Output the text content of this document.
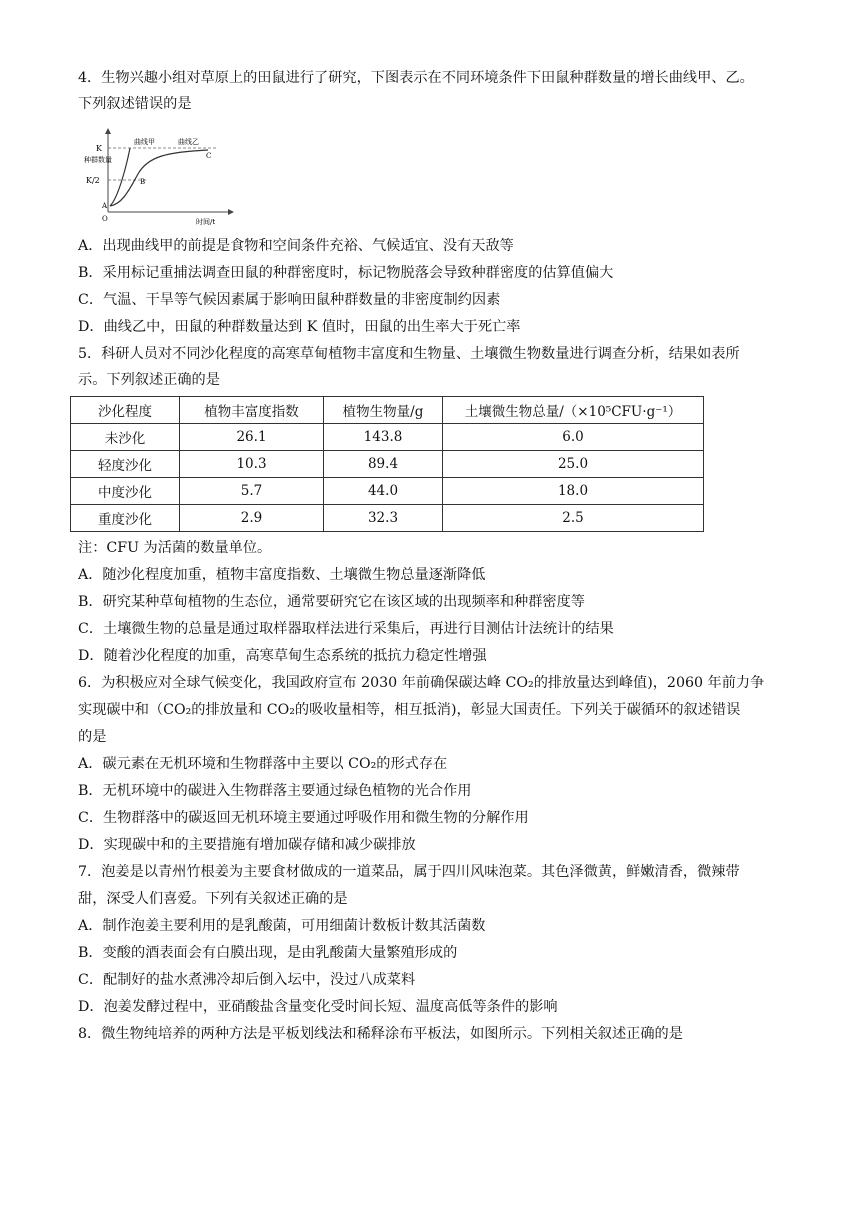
4．生物兴趣小组对草原上的田鼠进行了研究，下图表示在不同环境条件下田鼠种群数量的增长曲线甲、乙。
下列叙述错误的是
K
K/2
A
B
C
O
曲线甲	曲线乙
时间/t
种群数量
A．出现曲线甲的前提是食物和空间条件充裕、气候适宜、没有天敌等
B．采用标记重捕法调查田鼠的种群密度时，标记物脱落会导致种群密度的估算值偏大
C．气温、干旱等气候因素属于影响田鼠种群数量的非密度制约因素
D．曲线乙中，田鼠的种群数量达到 K 值时，田鼠的出生率大于死亡率
5．科研人员对不同沙化程度的高寒草甸植物丰富度和生物量、土壤微生物数量进行调查分析，结果如表所
示。下列叙述正确的是
沙化程度	植物丰富度指数	植物生物量/g	土壤微生物总量/（×10⁵CFU·g⁻¹）
未沙化	26.1	143.8	6.0
轻度沙化	10.3	89.4	25.0
中度沙化	5.7	44.0	18.0
重度沙化	2.9	32.3	2.5
注：CFU 为活菌的数量单位。
A．随沙化程度加重，植物丰富度指数、土壤微生物总量逐渐降低
B．研究某种草甸植物的生态位，通常要研究它在该区域的出现频率和种群密度等
C．土壤微生物的总量是通过取样器取样法进行采集后，再进行目测估计法统计的结果
D．随着沙化程度的加重，高寒草甸生态系统的抵抗力稳定性增强
6．为积极应对全球气候变化，我国政府宣布 2030 年前确保碳达峰 CO₂的排放量达到峰值)，2060 年前力争
实现碳中和（CO₂的排放量和 CO₂的吸收量相等，相互抵消)，彰显大国责任。下列关于碳循环的叙述错误
的是
A．碳元素在无机环境和生物群落中主要以 CO₂的形式存在
B．无机环境中的碳进入生物群落主要通过绿色植物的光合作用
C．生物群落中的碳返回无机环境主要通过呼吸作用和微生物的分解作用
D．实现碳中和的主要措施有增加碳存储和减少碳排放
7．泡姜是以青州竹根姜为主要食材做成的一道菜品，属于四川风味泡菜。其色泽微黄，鲜嫩清香，微辣带
甜，深受人们喜爱。下列有关叙述正确的是
A．制作泡姜主要利用的是乳酸菌，可用细菌计数板计数其活菌数
B．变酸的酒表面会有白膜出现，是由乳酸菌大量繁殖形成的
C．配制好的盐水煮沸冷却后倒入坛中，没过八成菜料
D．泡姜发酵过程中，亚硝酸盐含量变化受时间长短、温度高低等条件的影响
8．微生物纯培养的两种方法是平板划线法和稀释涂布平板法，如图所示。下列相关叙述正确的是
